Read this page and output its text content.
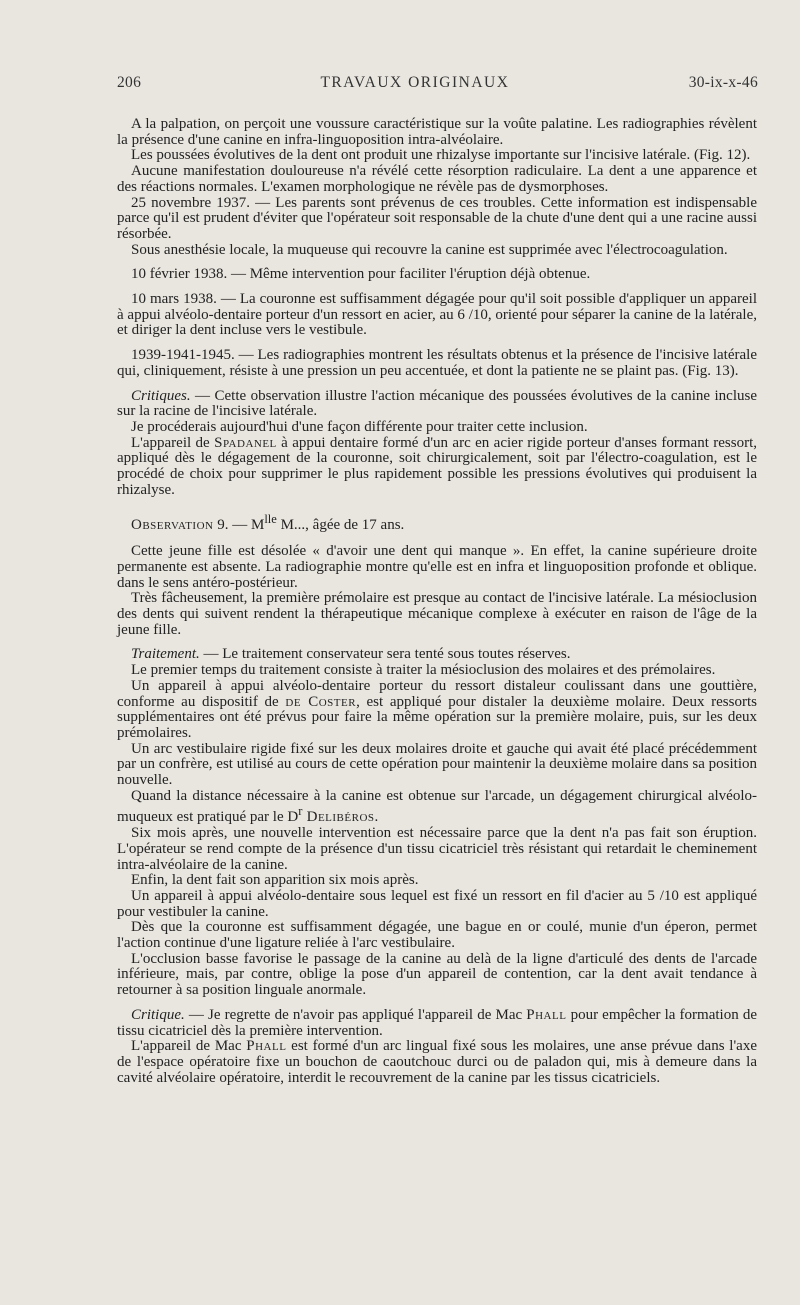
206	TRAVAUX ORIGINAUX	30-ix-x-46

A la palpation, on perçoit une voussure caractéristique sur la voûte palatine. Les radiographies révèlent la présence d'une canine en infra-linguoposition intra-alvéolaire.

Les poussées évolutives de la dent ont produit une rhizalyse importante sur l'incisive latérale. (Fig. 12).

Aucune manifestation douloureuse n'a révélé cette résorption radiculaire. La dent a une apparence et des réactions normales. L'examen morphologique ne révèle pas de dysmorphoses.

25 novembre 1937. — Les parents sont prévenus de ces troubles. Cette information est indispensable parce qu'il est prudent d'éviter que l'opérateur soit responsable de la chute d'une dent qui a une racine aussi résorbée.

Sous anesthésie locale, la muqueuse qui recouvre la canine est supprimée avec l'électrocoagulation.

10 février 1938. — Même intervention pour faciliter l'éruption déjà obtenue.

10 mars 1938. — La couronne est suffisamment dégagée pour qu'il soit possible d'appliquer un appareil à appui alvéolo-dentaire porteur d'un ressort en acier, au 6 /10, orienté pour séparer la canine de la latérale, et diriger la dent incluse vers le vestibule.

1939-1941-1945. — Les radiographies montrent les résultats obtenus et la présence de l'incisive latérale qui, cliniquement, résiste à une pression un peu accentuée, et dont la patiente ne se plaint pas. (Fig. 13).

Critiques. — Cette observation illustre l'action mécanique des poussées évolutives de la canine incluse sur la racine de l'incisive latérale.

Je procéderais aujourd'hui d'une façon différente pour traiter cette inclusion.

L'appareil de Spadanel à appui dentaire formé d'un arc en acier rigide porteur d'anses formant ressort, appliqué dès le dégagement de la couronne, soit chirurgicalement, soit par l'électro-coagulation, est le procédé de choix pour supprimer le plus rapidement possible les pressions évolutives qui produisent la rhizalyse.

Observation 9. — $M^{lle}$ M..., âgée de 17 ans.

Cette jeune fille est désolée « d'avoir une dent qui manque ». En effet, la canine supérieure droite permanente est absente. La radiographie montre qu'elle est en infra et linguoposition profonde et oblique. dans le sens antéro-postérieur.

Très fâcheusement, la première prémolaire est presque au contact de l'incisive latérale. La mésioclusion des dents qui suivent rendent la thérapeutique mécanique complexe à exécuter en raison de l'âge de la jeune fille.

Traitement. — Le traitement conservateur sera tenté sous toutes réserves.

Le premier temps du traitement consiste à traiter la mésioclusion des molaires et des prémolaires.

Un appareil à appui alvéolo-dentaire porteur du ressort distaleur coulissant dans une gouttière, conforme au dispositif de de Coster, est appliqué pour distaler la deuxième molaire. Deux ressorts supplémentaires ont été prévus pour faire la même opération sur la première molaire, puis, sur les deux prémolaires.

Un arc vestibulaire rigide fixé sur les deux molaires droite et gauche qui avait été placé précédemment par un confrère, est utilisé au cours de cette opération pour maintenir la deuxième molaire dans sa position nouvelle.

Quand la distance nécessaire à la canine est obtenue sur l'arcade, un dégagement chirurgical alvéolo-muqueux est pratiqué par le $D^r$ Delibéros.

Six mois après, une nouvelle intervention est nécessaire parce que la dent n'a pas fait son éruption. L'opérateur se rend compte de la présence d'un tissu cicatriciel très résistant qui retardait le cheminement intra-alvéolaire de la canine.

Enfin, la dent fait son apparition six mois après.

Un appareil à appui alvéolo-dentaire sous lequel est fixé un ressort en fil d'acier au 5 /10 est appliqué pour vestibuler la canine.

Dès que la couronne est suffisamment dégagée, une bague en or coulé, munie d'un éperon, permet l'action continue d'une ligature reliée à l'arc vestibulaire.

L'occlusion basse favorise le passage de la canine au delà de la ligne d'articulé des dents de l'arcade inférieure, mais, par contre, oblige la pose d'un appareil de contention, car la dent avait tendance à retourner à sa position linguale anormale.

Critique. — Je regrette de n'avoir pas appliqué l'appareil de Mac Phall pour empêcher la formation de tissu cicatriciel dès la première intervention.

L'appareil de Mac Phall est formé d'un arc lingual fixé sous les molaires, une anse prévue dans l'axe de l'espace opératoire fixe un bouchon de caoutchouc durci ou de paladon qui, mis à demeure dans la cavité alvéolaire opératoire, interdit le recouvrement de la canine par les tissus cicatriciels.
